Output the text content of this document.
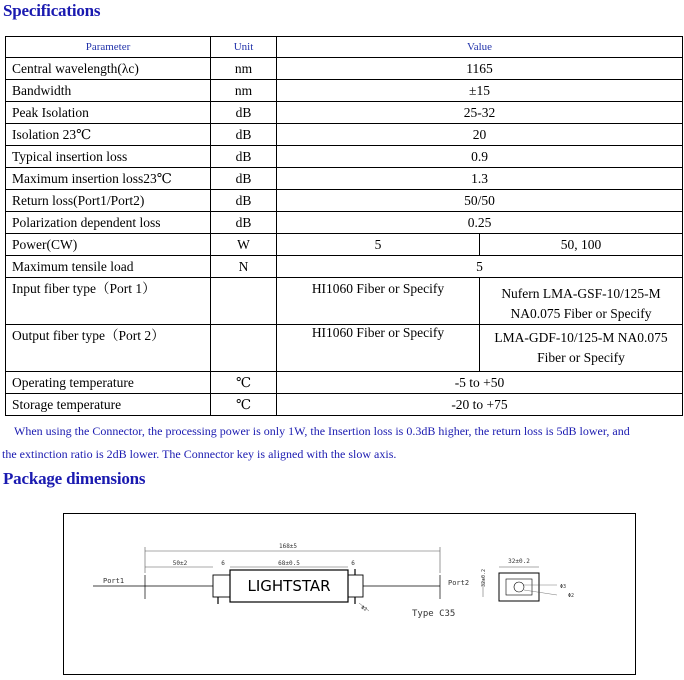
Specifications
Parameter	Unit	Value	
Central wavelength(λc)	nm	1165	
Bandwidth	nm	±15	
Peak Isolation	dB	25-32	
Isolation 23℃	dB	20	
Typical insertion loss	dB	0.9	
Maximum insertion loss23℃	dB	1.3	
Return loss(Port1/Port2)	dB	50/50	
Polarization dependent loss	dB	0.25	
Power(CW)	W	5	50, 100
Maximum tensile load	N	5	
Input fiber type（Port 1）		HI1060 Fiber or Specify	Nufern LMA-GSF-10/125-M
NA0.075 Fiber or Specify

Output fiber type（Port 2）		HI1060 Fiber or Specify	LMA-GDF-10/125-M NA0.075
Fiber or Specify

Operating temperature	℃	-5 to +50	
Storage temperature	℃	-20 to +75	
When using the Connector, the processing power is only 1W, the Insertion loss is 0.3dB higher, the return loss is 5dB lower, and
the extinction ratio is 2dB lower. The Connector key is aligned with the slow axis.
Package dimensions
168±5
50±2	68±0.5
6	6
Port1	Port2
LIGHTSTAR
Φ2
Type C35
32±0.2
32±0.2
Φ3
Φ2
